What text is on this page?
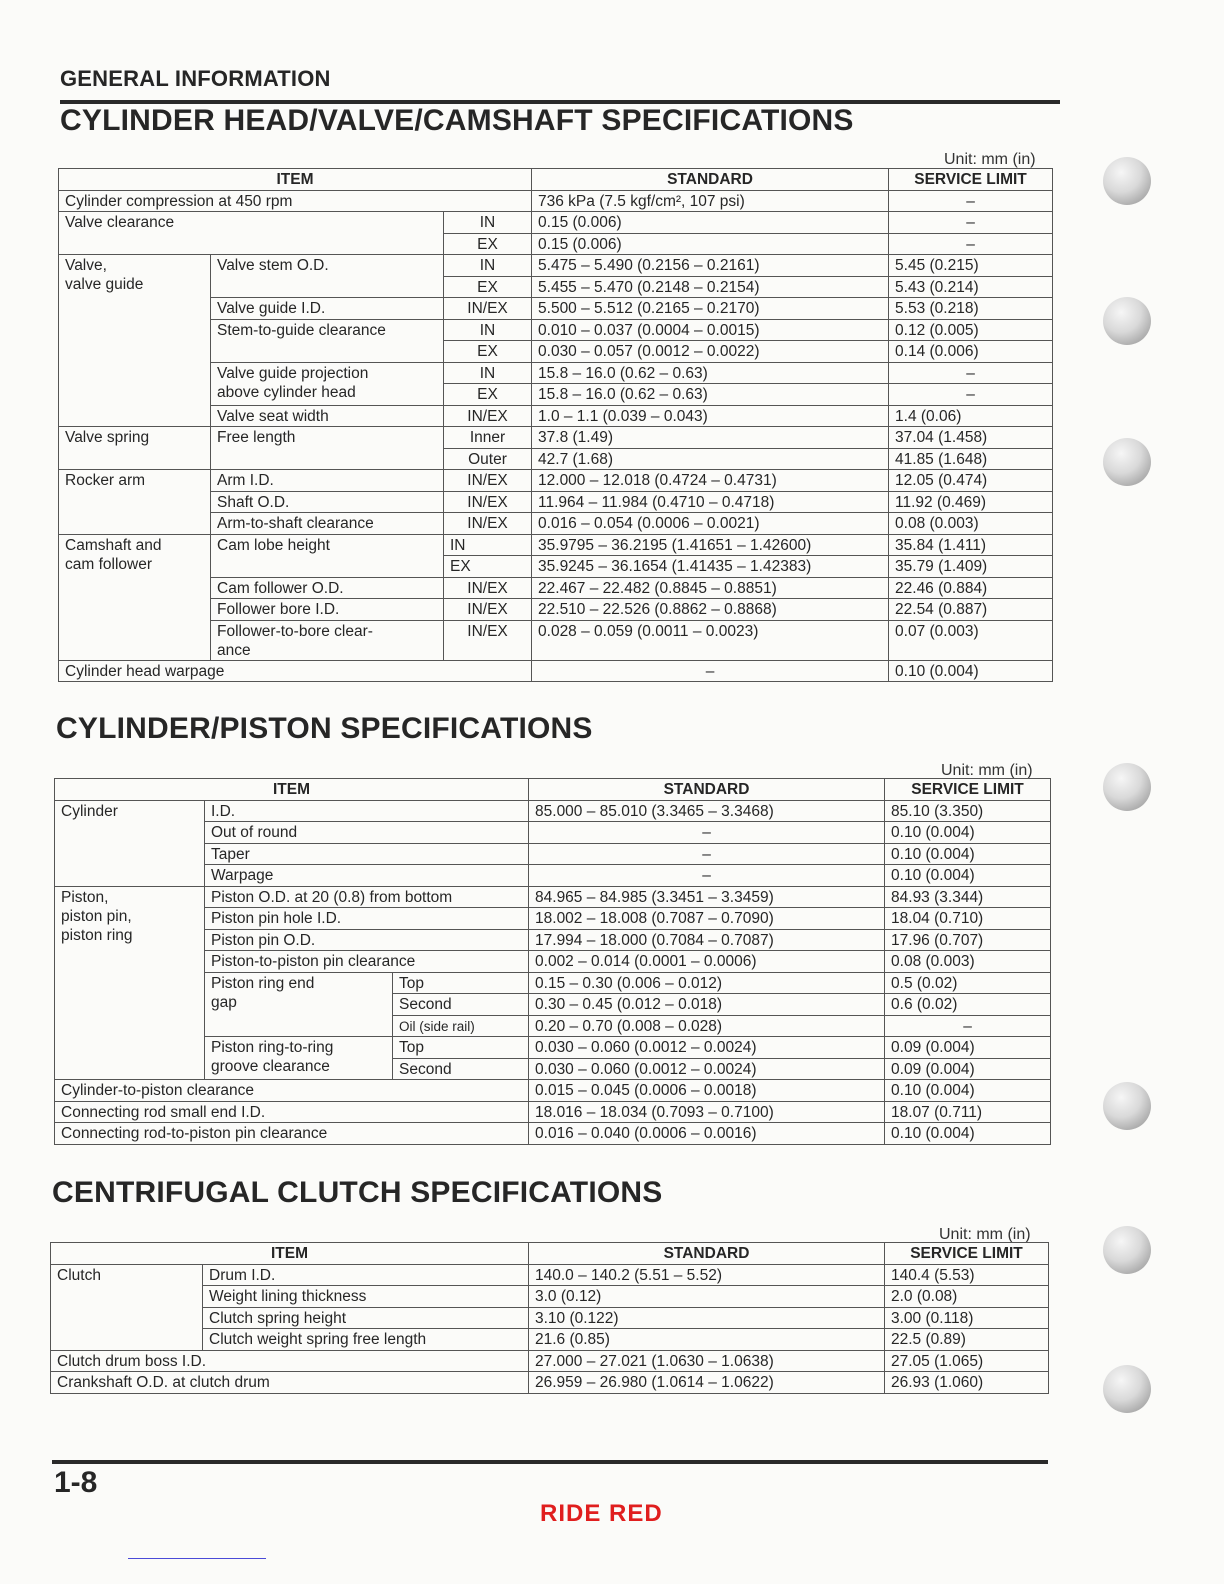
GENERAL INFORMATION
CYLINDER HEAD/VALVE/CAMSHAFT SPECIFICATIONS
Unit: mm (in)
ITEM			STANDARD	SERVICE LIMIT
Cylinder compression at 450 rpm			736 kPa (7.5 kgf/cm², 107 psi)	–
Valve clearance		IN	0.15 (0.006)	–
		EX	0.15 (0.006)	–
Valve,
valve guide	Valve stem O.D.	IN	5.475 – 5.490 (0.2156 – 0.2161)	5.45 (0.215)
		EX	5.455 – 5.470 (0.2148 – 0.2154)	5.43 (0.214)
	Valve guide I.D.	IN/EX	5.500 – 5.512 (0.2165 – 0.2170)	5.53 (0.218)
	Stem-to-guide clearance	IN	0.010 – 0.037 (0.0004 – 0.0015)	0.12 (0.005)
		EX	0.030 – 0.057 (0.0012 – 0.0022)	0.14 (0.006)
	Valve guide projection
above cylinder head	IN	15.8 – 16.0 (0.62 – 0.63)	–
		EX	15.8 – 16.0 (0.62 – 0.63)	–
	Valve seat width	IN/EX	1.0 – 1.1 (0.039 – 0.043)	1.4 (0.06)
Valve spring	Free length	Inner	37.8 (1.49)	37.04 (1.458)
		Outer	42.7 (1.68)	41.85 (1.648)
Rocker arm	Arm I.D.	IN/EX	12.000 – 12.018 (0.4724 – 0.4731)	12.05 (0.474)
	Shaft O.D.	IN/EX	11.964 – 11.984 (0.4710 – 0.4718)	11.92 (0.469)
	Arm-to-shaft clearance	IN/EX	0.016 – 0.054 (0.0006 – 0.0021)	0.08 (0.003)
Camshaft and
cam follower	Cam lobe height	IN	35.9795 – 36.2195 (1.41651 – 1.42600)	35.84 (1.411)
		EX	35.9245 – 36.1654 (1.41435 – 1.42383)	35.79 (1.409)
	Cam follower O.D.	IN/EX	22.467 – 22.482 (0.8845 – 0.8851)	22.46 (0.884)
	Follower bore I.D.	IN/EX	22.510 – 22.526 (0.8862 – 0.8868)	22.54 (0.887)
	Follower-to-bore clear-
ance	IN/EX	0.028 – 0.059 (0.0011 – 0.0023)	0.07 (0.003)
Cylinder head warpage			–	0.10 (0.004)
CYLINDER/PISTON SPECIFICATIONS
Unit: mm (in)
ITEM			STANDARD	SERVICE LIMIT
Cylinder	I.D.		85.000 – 85.010 (3.3465 – 3.3468)	85.10 (3.350)
	Out of round		–	0.10 (0.004)
	Taper		–	0.10 (0.004)
	Warpage		–	0.10 (0.004)
Piston,
piston pin,
piston ring	Piston O.D. at 20 (0.8) from bottom		84.965 – 84.985 (3.3451 – 3.3459)	84.93 (3.344)
	Piston pin hole I.D.		18.002 – 18.008 (0.7087 – 0.7090)	18.04 (0.710)
	Piston pin O.D.		17.994 – 18.000 (0.7084 – 0.7087)	17.96 (0.707)
	Piston-to-piston pin clearance		0.002 – 0.014 (0.0001 – 0.0006)	0.08 (0.003)
	Piston ring end
gap	Top	0.15 – 0.30 (0.006 – 0.012)	0.5 (0.02)
		Second	0.30 – 0.45 (0.012 – 0.018)	0.6 (0.02)
		Oil (side rail)	0.20 – 0.70 (0.008 – 0.028)	–
	Piston ring-to-ring
groove clearance	Top	0.030 – 0.060 (0.0012 – 0.0024)	0.09 (0.004)
		Second	0.030 – 0.060 (0.0012 – 0.0024)	0.09 (0.004)
Cylinder-to-piston clearance			0.015 – 0.045 (0.0006 – 0.0018)	0.10 (0.004)
Connecting rod small end I.D.			18.016 – 18.034 (0.7093 – 0.7100)	18.07 (0.711)
Connecting rod-to-piston pin clearance			0.016 – 0.040 (0.0006 – 0.0016)	0.10 (0.004)
CENTRIFUGAL CLUTCH SPECIFICATIONS
Unit: mm (in)
ITEM		STANDARD	SERVICE LIMIT
Clutch	Drum I.D.	140.0 – 140.2 (5.51 – 5.52)	140.4 (5.53)
	Weight lining thickness	3.0 (0.12)	2.0 (0.08)
	Clutch spring height	3.10 (0.122)	3.00 (0.118)
	Clutch weight spring free length	21.6 (0.85)	22.5 (0.89)
Clutch drum boss I.D.		27.000 – 27.021 (1.0630 – 1.0638)	27.05 (1.065)
Crankshaft O.D. at clutch drum		26.959 – 26.980 (1.0614 – 1.0622)	26.93 (1.060)
1-8
RIDE RED
